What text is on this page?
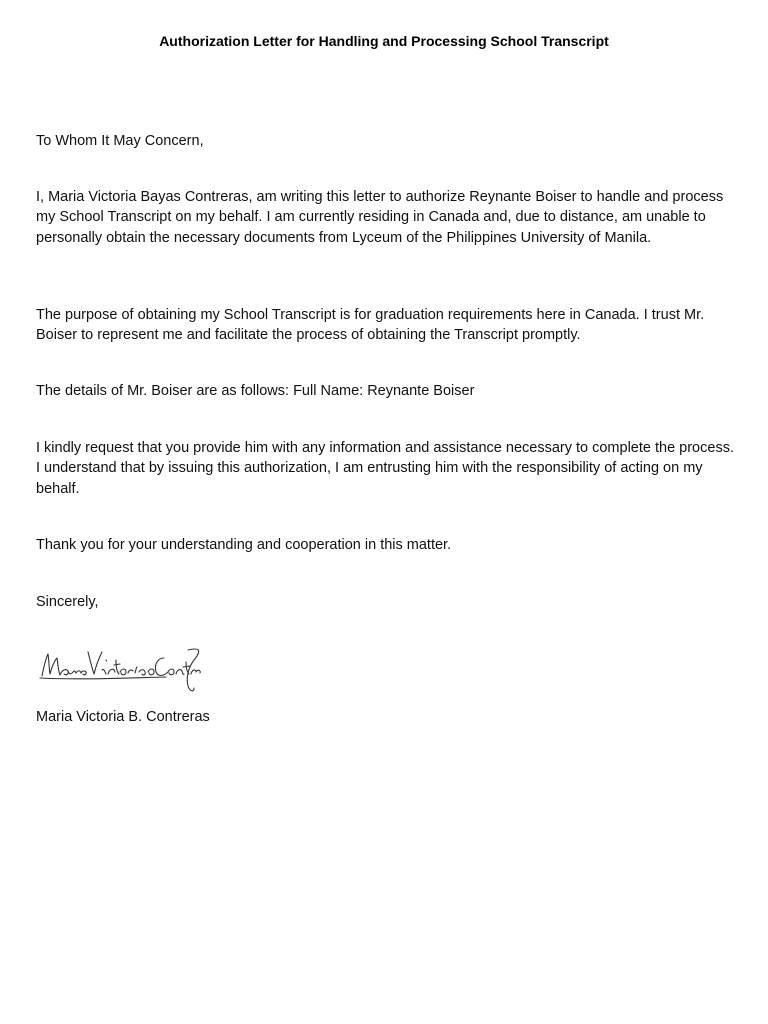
Authorization Letter for Handling and Processing School Transcript

To Whom It May Concern,

I, Maria Victoria Bayas Contreras, am writing this letter to authorize Reynante Boiser to handle and process my School Transcript on my behalf. I am currently residing in Canada and, due to distance, am unable to personally obtain the necessary documents from Lyceum of the Philippines University of Manila.

The purpose of obtaining my School Transcript is for graduation requirements here in Canada. I trust Mr. Boiser to represent me and facilitate the process of obtaining the Transcript promptly.

The details of Mr. Boiser are as follows: Full Name: Reynante Boiser

I kindly request that you provide him with any information and assistance necessary to complete the process. I understand that by issuing this authorization, I am entrusting him with the responsibility of acting on my behalf.

Thank you for your understanding and cooperation in this matter.

Sincerely,

Maria Victoria B. Contreras
